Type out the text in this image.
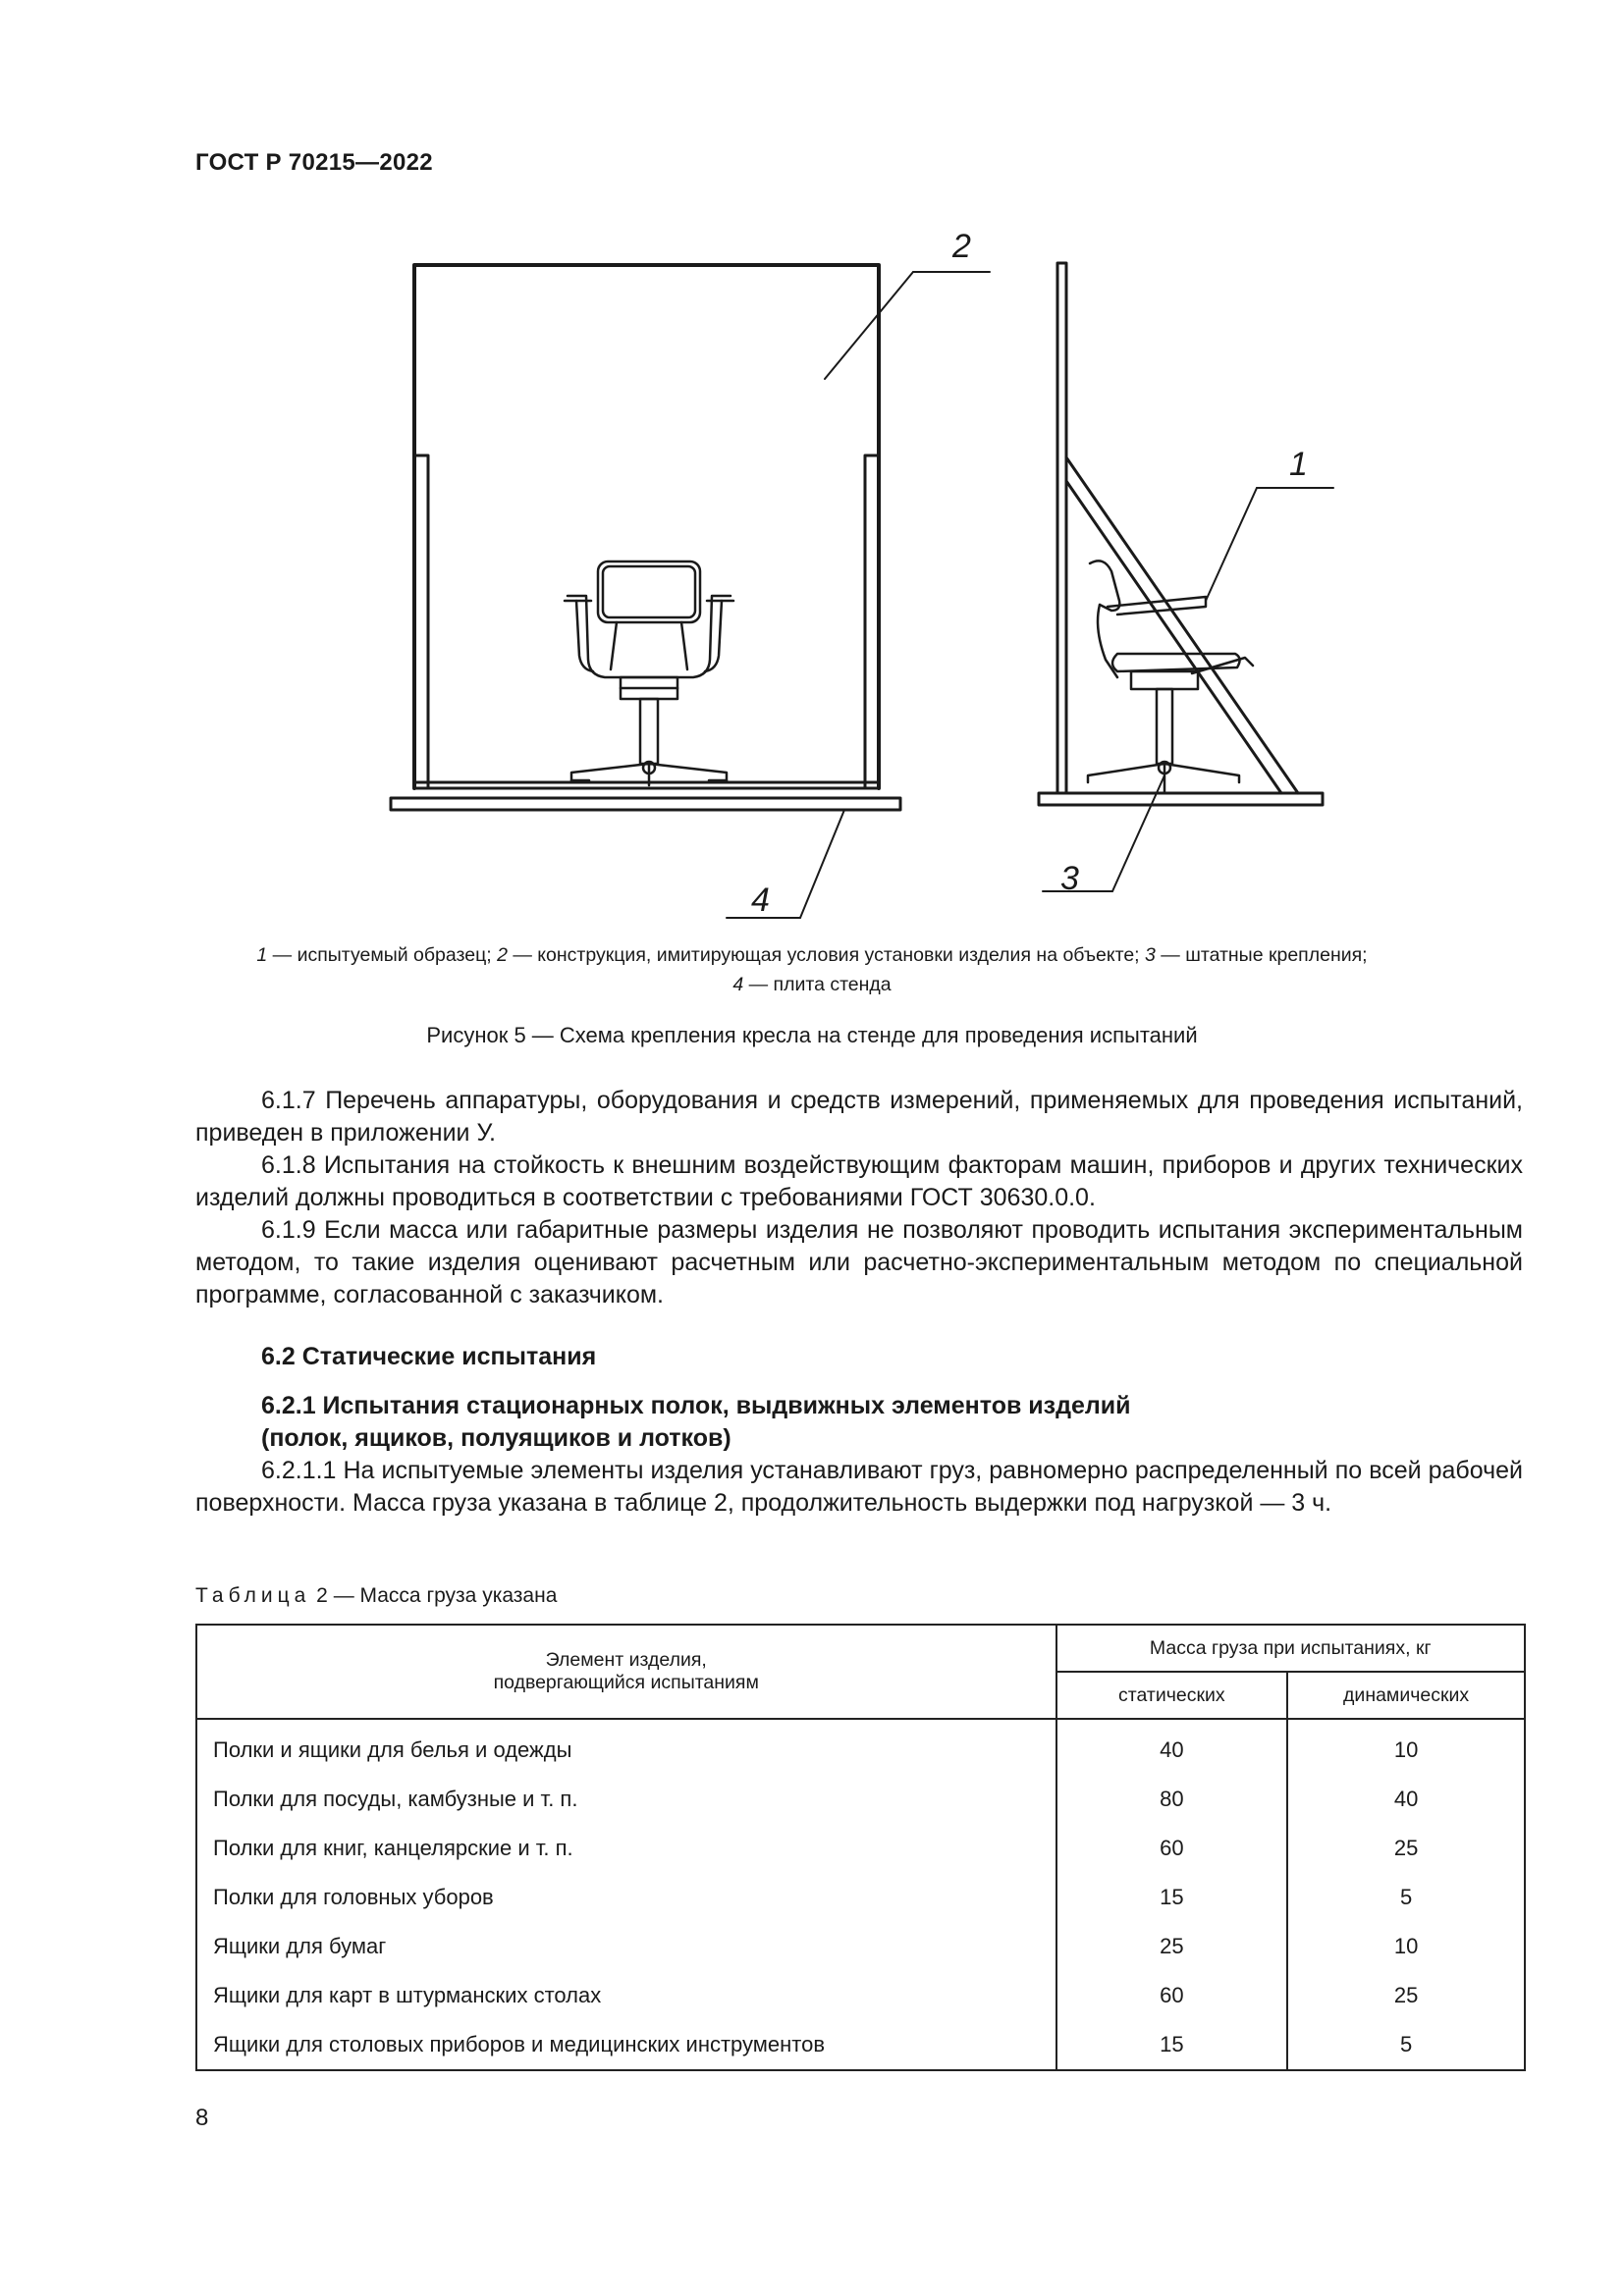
ГОСТ Р 70215—2022
2
1
3
4
1 — испытуемый образец; 2 — конструкция, имитирующая условия установки изделия на объекте; 3 — штатные крепления;
4 — плита стенда
Рисунок 5 — Схема крепления кресла на стенде для проведения испытаний

6.1.7 Перечень аппаратуры, оборудования и средств измерений, применяемых для проведения испытаний, приведен в приложении У.

6.1.8 Испытания на стойкость к внешним воздействующим факторам машин, приборов и других технических изделий должны проводиться в соответствии с требованиями ГОСТ 30630.0.0.

6.1.9 Если масса или габаритные размеры изделия не позволяют проводить испытания экспериментальным методом, то такие изделия оценивают расчетным или расчетно-экспериментальным методом по специальной программе, согласованной с заказчиком.

6.2 Статические испытания

6.2.1 Испытания стационарных полок, выдвижных элементов изделий

(полок, ящиков, полуящиков и лотков)

6.2.1.1 На испытуемые элементы изделия устанавливают груз, равномерно распределенный по всей рабочей поверхности. Масса груза указана в таблице 2, продолжительность выдержки под нагрузкой — 3 ч.

Таблица 2 — Масса груза указана
Элемент изделия,
подвергающийся испытаниям	Масса груза при испытаниях, кг	
	статических	динамических
Полки и ящики для белья и одежды	40	10
Полки для посуды, камбузные и т. п.	80	40
Полки для книг, канцелярские и т. п.	60	25
Полки для головных уборов	15	5
Ящики для бумаг	25	10
Ящики для карт в штурманских столах	60	25
Ящики для столовых приборов и медицинских инструментов	15	5
8
